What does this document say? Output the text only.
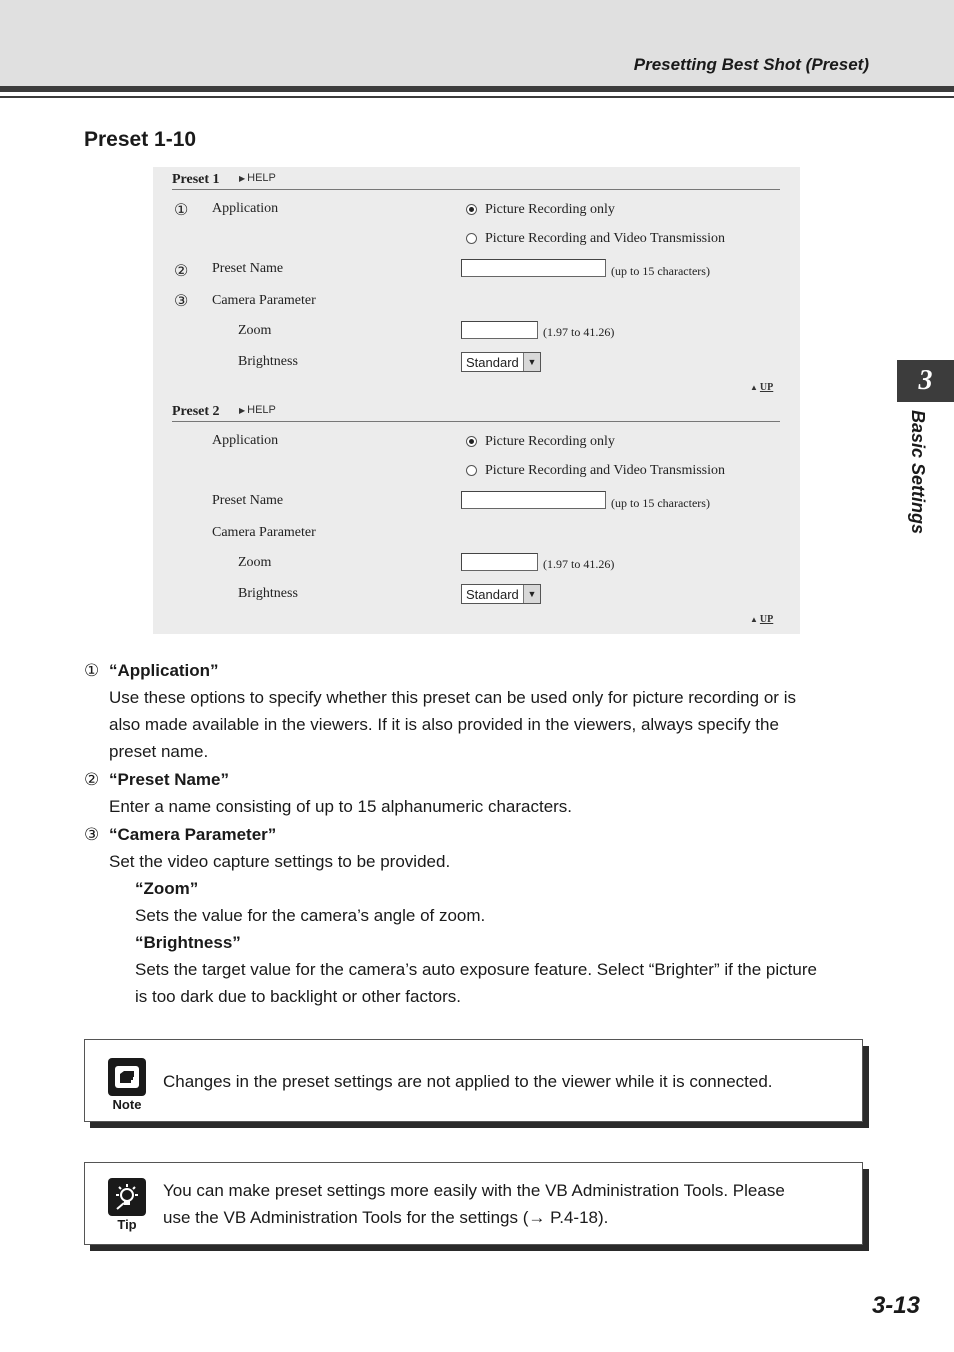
Presetting Best Shot (Preset)
Preset 1-10
Preset 1 ▶ HELP
① Application	Picture Recording only
Picture Recording and Video Transmission
② Preset Name	(up to 15 characters)
③ Camera Parameter
Zoom	(1.97 to 41.26)
Brightness	Standard ▼
▲ UP
Preset 2 ▶ HELP
Application	Picture Recording only
Picture Recording and Video Transmission
Preset Name	(up to 15 characters)
Camera Parameter
Zoom	(1.97 to 41.26)
Brightness	Standard ▼
▲ UP
① “Application”
Use these options to specify whether this preset can be used only for picture recording or is
also made available in the viewers. If it is also provided in the viewers, always specify the
preset name.
② “Preset Name”
Enter a name consisting of up to 15 alphanumeric characters.
③ “Camera Parameter”
Set the video capture settings to be provided.
“Zoom”
Sets the value for the camera’s angle of zoom.
“Brightness”
Sets the target value for the camera’s auto exposure feature. Select “Brighter” if the picture
is too dark due to backlight or other factors.
Note
Changes in the preset settings are not applied to the viewer while it is connected.
Tip
You can make preset settings more easily with the VB Administration Tools. Please
use the VB Administration Tools for the settings (→ P.4-18).
3
Basic Settings
3-13
